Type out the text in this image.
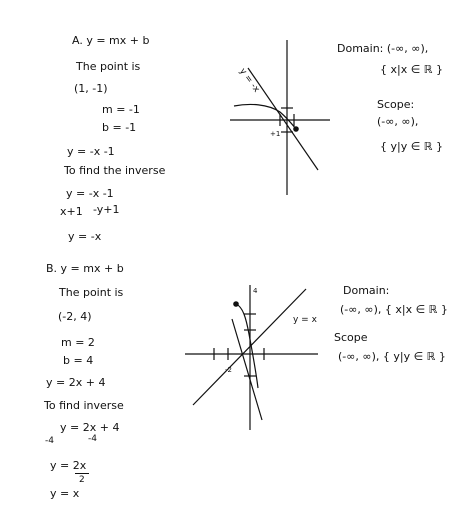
A. y = mx + b
The point is
(1, -1)
m = -1
b = -1
y = -x -1
To find the inverse
y = -x -1
x+1 -y+1
y = -x
y = -x
+1
Domain: (-∞, ∞),
{ x|x ∈ ℝ }
Scope:
(-∞, ∞),
{ y|y ∈ ℝ }
B. y = mx + b
The point is
(-2, 4)
m = 2
b = 4
y = 2x + 4
To find inverse
y = 2x + 4
-4	-4
y = 2x
2
y = x
y = x
4
-2
Domain:
(-∞, ∞), { x|x ∈ ℝ }
Scope
(-∞, ∞), { y|y ∈ ℝ }
